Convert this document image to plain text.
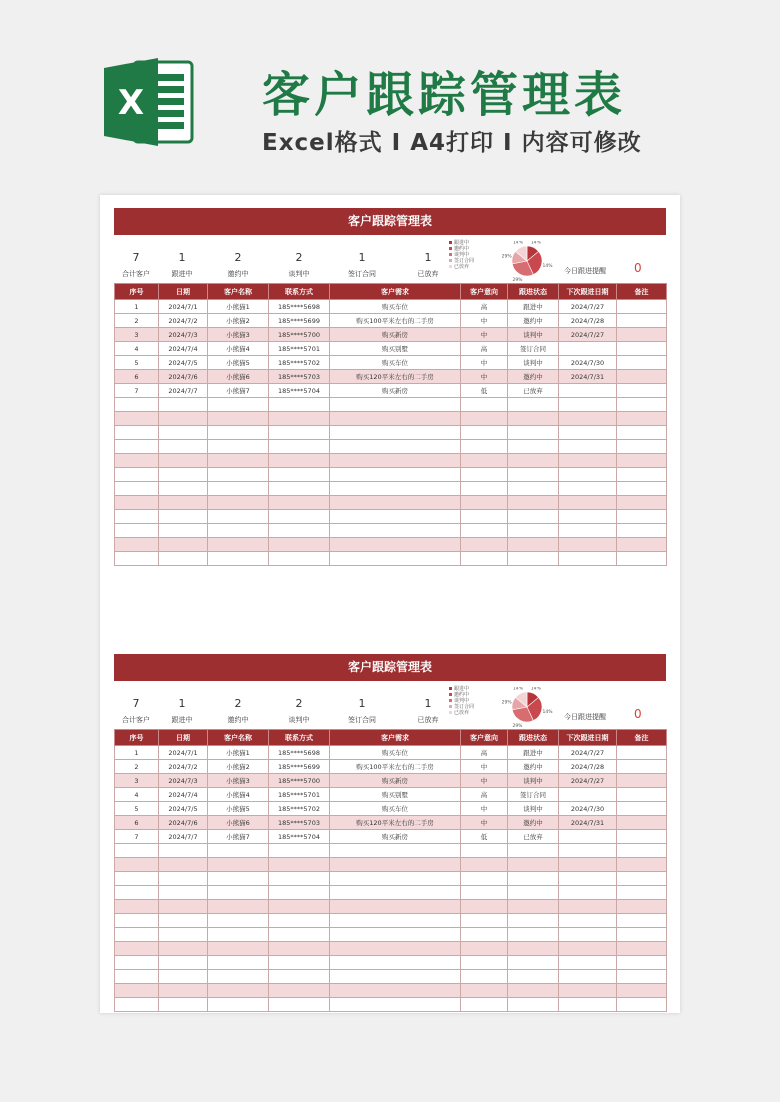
X 客户跟踪管理表
Excel格式 I A4打印 I 内容可修改
客户跟踪管理表
7
合计客户
1
跟进中
2
邀约中
2
谈判中
1
签订合同
1
已放弃
跟进中
邀约中
谈判中
签订合同
已放弃
14%
14%
29%
29%
14%
今日跟进提醒 0
序号	日期	客户名称	联系方式	客户需求	客户意向	跟进状态	下次跟进日期	备注
1	2024/7/1	小熊猫1	185****5698	购买车位	高	跟进中	2024/7/27	
2	2024/7/2	小熊猫2	185****5699	购买100平米左右的二手房	中	邀约中	2024/7/28	
3	2024/7/3	小熊猫3	185****5700	购买新房	中	谈判中	2024/7/27	
4	2024/7/4	小熊猫4	185****5701	购买别墅	高	签订合同		
5	2024/7/5	小熊猫5	185****5702	购买车位	中	谈判中	2024/7/30	
6	2024/7/6	小熊猫6	185****5703	购买120平米左右的二手房	中	邀约中	2024/7/31	
7	2024/7/7	小熊猫7	185****5704	购买新房	低	已放弃		

客户跟踪管理表
7
合计客户
1
跟进中
2
邀约中
2
谈判中
1
签订合同
1
已放弃
跟进中
邀约中
谈判中
签订合同
已放弃
14%
14%
29%
29%
14%
今日跟进提醒 0
序号	日期	客户名称	联系方式	客户需求	客户意向	跟进状态	下次跟进日期	备注
1	2024/7/1	小熊猫1	185****5698	购买车位	高	跟进中	2024/7/27	
2	2024/7/2	小熊猫2	185****5699	购买100平米左右的二手房	中	邀约中	2024/7/28	
3	2024/7/3	小熊猫3	185****5700	购买新房	中	谈判中	2024/7/27	
4	2024/7/4	小熊猫4	185****5701	购买别墅	高	签订合同		
5	2024/7/5	小熊猫5	185****5702	购买车位	中	谈判中	2024/7/30	
6	2024/7/6	小熊猫6	185****5703	购买120平米左右的二手房	中	邀约中	2024/7/31	
7	2024/7/7	小熊猫7	185****5704	购买新房	低	已放弃		
